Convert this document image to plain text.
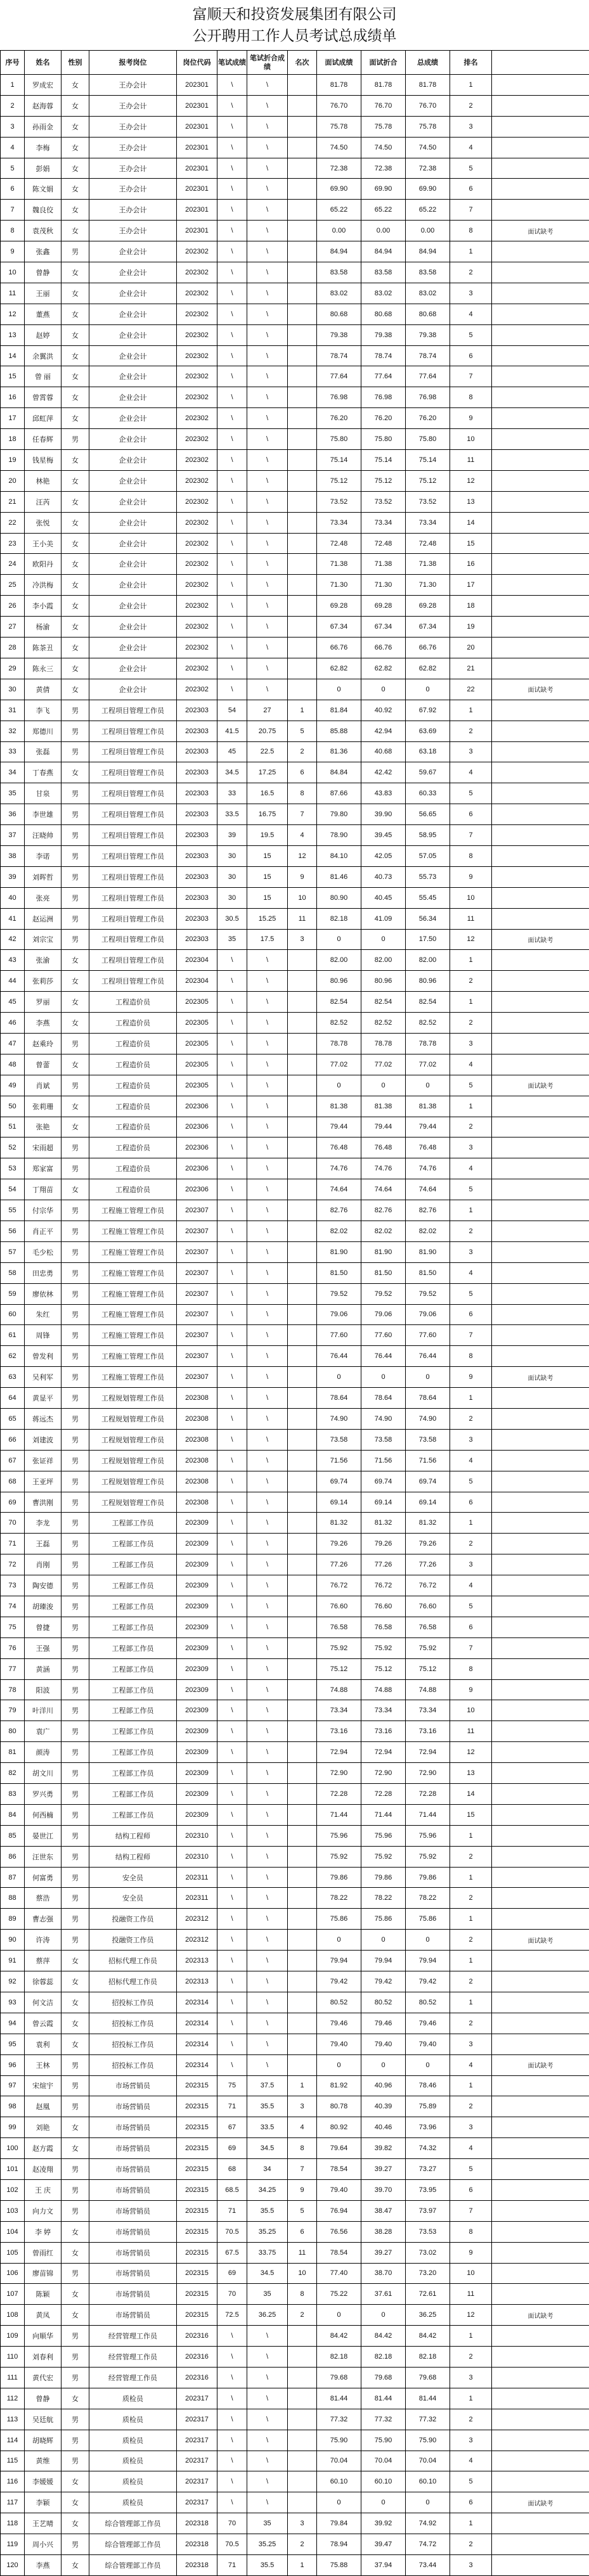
富顺天和投资发展集团有限公司
公开聘用工作人员考试总成绩单
序号	姓名	性别	报考岗位	岗位代码	笔试成绩	笔试折合成绩	名次	面试成绩	面试折合	总成绩	排名	
1	罗成宏	女	王办会计	202301	\	\		81.78	81.78	81.78	1	
2	赵海蓉	女	王办会计	202301	\	\		76.70	76.70	76.70	2	
3	孙雨金	女	王办会计	202301	\	\		75.78	75.78	75.78	3	
4	李梅	女	王办会计	202301	\	\		74.50	74.50	74.50	4	
5	彭娟	女	王办会计	202301	\	\		72.38	72.38	72.38	5	
6	陈文娟	女	王办会计	202301	\	\		69.90	69.90	69.90	6	
7	魏良佼	女	王办会计	202301	\	\		65.22	65.22	65.22	7	
8	袁茂秋	女	王办会计	202301	\	\		0.00	0.00	0.00	8	面试缺考
9	张鑫	男	企业会计	202302	\	\		84.94	84.94	84.94	1	
10	曾静	女	企业会计	202302	\	\		83.58	83.58	83.58	2	
11	王丽	女	企业会计	202302	\	\		83.02	83.02	83.02	3	
12	董燕	女	企业会计	202302	\	\		80.68	80.68	80.68	4	
13	赵婷	女	企业会计	202302	\	\		79.38	79.38	79.38	5	
14	余翼洪	女	企业会计	202302	\	\		78.74	78.74	78.74	6	
15	曾 丽	女	企业会计	202302	\	\		77.64	77.64	77.64	7	
16	曾霄蓉	女	企业会计	202302	\	\		76.98	76.98	76.98	8	
17	邱虹萍	女	企业会计	202302	\	\		76.20	76.20	76.20	9	
18	任春辉	男	企业会计	202302	\	\		75.80	75.80	75.80	10	
19	钱星梅	女	企业会计	202302	\	\		75.14	75.14	75.14	11	
20	林艳	女	企业会计	202302	\	\		75.12	75.12	75.12	12	
21	汪芮	女	企业会计	202302	\	\		73.52	73.52	73.52	13	
22	张悦	女	企业会计	202302	\	\		73.34	73.34	73.34	14	
23	王小美	女	企业会计	202302	\	\		72.48	72.48	72.48	15	
24	欧阳丹	女	企业会计	202302	\	\		71.38	71.38	71.38	16	
25	冷洪梅	女	企业会计	202302	\	\		71.30	71.30	71.30	17	
26	李小霞	女	企业会计	202302	\	\		69.28	69.28	69.28	18	
27	杨渝	女	企业会计	202302	\	\		67.34	67.34	67.34	19	
28	陈茶丑	女	企业会计	202302	\	\		66.76	66.76	66.76	20	
29	陈永三	女	企业会计	202302	\	\		62.82	62.82	62.82	21	
30	黄倩	女	企业会计	202302	\	\		0	0	0	22	面试缺考
31	李飞	男	工程项目管理工作员	202303	54	27	1	81.84	40.92	67.92	1	
32	郑德川	男	工程项目管理工作员	202303	41.5	20.75	5	85.88	42.94	63.69	2	
33	张磊	男	工程项目管理工作员	202303	45	22.5	2	81.36	40.68	63.18	3	
34	丁春燕	女	工程项目管理工作员	202303	34.5	17.25	6	84.84	42.42	59.67	4	
35	甘泉	男	工程项目管理工作员	202303	33	16.5	8	87.66	43.83	60.33	5	
36	李世雄	男	工程项目管理工作员	202303	33.5	16.75	7	79.80	39.90	56.65	6	
37	汪晓帅	男	工程项目管理工作员	202303	39	19.5	4	78.90	39.45	58.95	7	
38	李诺	男	工程项目管理工作员	202303	30	15	12	84.10	42.05	57.05	8	
39	刘晖哲	男	工程项目管理工作员	202303	30	15	9	81.46	40.73	55.73	9	
40	张亮	男	工程项目管理工作员	202303	30	15	10	80.90	40.45	55.45	10	
41	赵运洲	男	工程项目管理工作员	202303	30.5	15.25	11	82.18	41.09	56.34	11	
42	刘宗宝	男	工程项目管理工作员	202303	35	17.5	3	0	0	17.50	12	面试缺考
43	张渝	女	工程项目管理工作员	202304	\	\		82.00	82.00	82.00	1	
44	张莉莎	女	工程项目管理工作员	202304	\	\		80.96	80.96	80.96	2	
45	罗丽	女	工程造价员	202305	\	\		82.54	82.54	82.54	1	
46	李燕	女	工程造价员	202305	\	\		82.52	82.52	82.52	2	
47	赵乘玲	男	工程造价员	202305	\	\		78.78	78.78	78.78	3	
48	曾蕾	女	工程造价员	202305	\	\		77.02	77.02	77.02	4	
49	肖斌	男	工程造价员	202305	\	\		0	0	0	5	面试缺考
50	张莉珊	女	工程造价员	202306	\	\		81.38	81.38	81.38	1	
51	张艳	女	工程造价员	202306	\	\		79.44	79.44	79.44	2	
52	宋雨超	男	工程造价员	202306	\	\		76.48	76.48	76.48	3	
53	郑家富	男	工程造价员	202306	\	\		74.76	74.76	74.76	4	
54	丁翔苗	女	工程造价员	202306	\	\		74.64	74.64	74.64	5	
55	付宗华	男	工程施工管理工作员	202307	\	\		82.76	82.76	82.76	1	
56	肖正平	男	工程施工管理工作员	202307	\	\		82.02	82.02	82.02	2	
57	毛少松	男	工程施工管理工作员	202307	\	\		81.90	81.90	81.90	3	
58	田忠勇	男	工程施工管理工作员	202307	\	\		81.50	81.50	81.50	4	
59	廖依林	男	工程施工管理工作员	202307	\	\		79.52	79.52	79.52	5	
60	朱红	男	工程施工管理工作员	202307	\	\		79.06	79.06	79.06	6	
61	周锋	男	工程施工管理工作员	202307	\	\		77.60	77.60	77.60	7	
62	曾发利	男	工程施工管理工作员	202307	\	\		76.44	76.44	76.44	8	
63	吴利军	男	工程施工管理工作员	202307	\	\		0	0	0	9	面试缺考
64	黄显平	男	工程规划管理工作员	202308	\	\		78.64	78.64	78.64	1	
65	蒋远杰	男	工程规划管理工作员	202308	\	\		74.90	74.90	74.90	2	
66	刘建波	男	工程规划管理工作员	202308	\	\		73.58	73.58	73.58	3	
67	张证祥	男	工程规划管理工作员	202308	\	\		71.56	71.56	71.56	4	
68	王亚坪	男	工程规划管理工作员	202308	\	\		69.74	69.74	69.74	5	
69	曹洪刚	男	工程规划管理工作员	202308	\	\		69.14	69.14	69.14	6	
70	李龙	男	工程部工作员	202309	\	\		81.32	81.32	81.32	1	
71	王磊	男	工程部工作员	202309	\	\		79.26	79.26	79.26	2	
72	肖刚	男	工程部工作员	202309	\	\		77.26	77.26	77.26	3	
73	陶安德	男	工程部工作员	202309	\	\		76.72	76.72	76.72	4	
74	胡臻浚	男	工程部工作员	202309	\	\		76.60	76.60	76.60	5	
75	曾捷	男	工程部工作员	202309	\	\		76.58	76.58	76.58	6	
76	王强	男	工程部工作员	202309	\	\		75.92	75.92	75.92	7	
77	黄涵	男	工程部工作员	202309	\	\		75.12	75.12	75.12	8	
78	阳波	男	工程部工作员	202309	\	\		74.88	74.88	74.88	9	
79	叶洋川	男	工程部工作员	202309	\	\		73.34	73.34	73.34	10	
80	袁广	男	工程部工作员	202309	\	\		73.16	73.16	73.16	11	
81	颜涛	男	工程部工作员	202309	\	\		72.94	72.94	72.94	12	
82	胡文川	男	工程部工作员	202309	\	\		72.90	72.90	72.90	13	
83	罗兴勇	男	工程部工作员	202309	\	\		72.28	72.28	72.28	14	
84	何西楠	男	工程部工作员	202309	\	\		71.44	71.44	71.44	15	
85	晏世江	男	结构工程师	202310	\	\		75.96	75.96	75.96	1	
86	汪世东	男	结构工程师	202310	\	\		75.92	75.92	75.92	2	
87	何富勇	男	安全员	202311	\	\		79.86	79.86	79.86	1	
88	蔡浩	男	安全员	202311	\	\		78.22	78.22	78.22	2	
89	曹志强	男	投融资工作员	202312	\	\		75.86	75.86	75.86	1	
90	许涛	男	投融资工作员	202312	\	\		0	0	0	2	面试缺考
91	蔡萍	女	招标代理工作员	202313	\	\		79.94	79.94	79.94	1	
92	徐蓉蕊	女	招标代理工作员	202313	\	\		79.42	79.42	79.42	2	
93	何文洁	女	招投标工作员	202314	\	\		80.52	80.52	80.52	1	
94	曾云霞	女	招投标工作员	202314	\	\		79.46	79.46	79.46	2	
95	袁利	女	招投标工作员	202314	\	\		79.40	79.40	79.40	3	
96	王林	男	招投标工作员	202314	\	\		0	0	0	4	面试缺考
97	宋煊宇	男	市场营销员	202315	75	37.5	1	81.92	40.96	78.46	1	
98	赵凰	男	市场营销员	202315	71	35.5	3	80.78	40.39	75.89	2	
99	刘艳	女	市场营销员	202315	67	33.5	4	80.92	40.46	73.96	3	
100	赵方霞	女	市场营销员	202315	69	34.5	8	79.64	39.82	74.32	4	
101	赵凌翔	男	市场营销员	202315	68	34	7	78.54	39.27	73.27	5	
102	王 庆	男	市场营销员	202315	68.5	34.25	9	79.40	39.70	73.95	6	
103	向力文	男	市场营销员	202315	71	35.5	5	76.94	38.47	73.97	7	
104	李 婷	女	市场营销员	202315	70.5	35.25	6	76.56	38.28	73.53	8	
105	曾雨红	女	市场营销员	202315	67.5	33.75	11	78.54	39.27	73.02	9	
106	廖苗锦	男	市场营销员	202315	69	34.5	10	77.40	38.70	73.20	10	
107	陈颖	女	市场营销员	202315	70	35	8	75.22	37.61	72.61	11	
108	黄凤	女	市场营销员	202315	72.5	36.25	2	0	0	36.25	12	面试缺考
109	向顺华	男	经营管理工作员	202316	\	\		84.42	84.42	84.42	1	
110	刘春利	男	经营管理工作员	202316	\	\		82.18	82.18	82.18	2	
111	黄代宏	男	经营管理工作员	202316	\	\		79.68	79.68	79.68	3	
112	曾静	女	质检员	202317	\	\		81.44	81.44	81.44	1	
113	吴廷航	男	质检员	202317	\	\		77.32	77.32	77.32	2	
114	胡晓辉	男	质检员	202317	\	\		75.90	75.90	75.90	3	
115	黄维	男	质检员	202317	\	\		70.04	70.04	70.04	4	
116	李媛媛	女	质检员	202317	\	\		60.10	60.10	60.10	5	
117	李颖	女	质检员	202317	\	\		0	0	0	6	面试缺考
118	王艺晴	女	综合管理部工作员	202318	70	35	3	79.84	39.92	74.92	1	
119	周小兴	男	综合管理部工作员	202318	70.5	35.25	2	78.94	39.47	74.72	2	
120	李燕	女	综合管理部工作员	202318	71	35.5	1	75.88	37.94	73.44	3	
